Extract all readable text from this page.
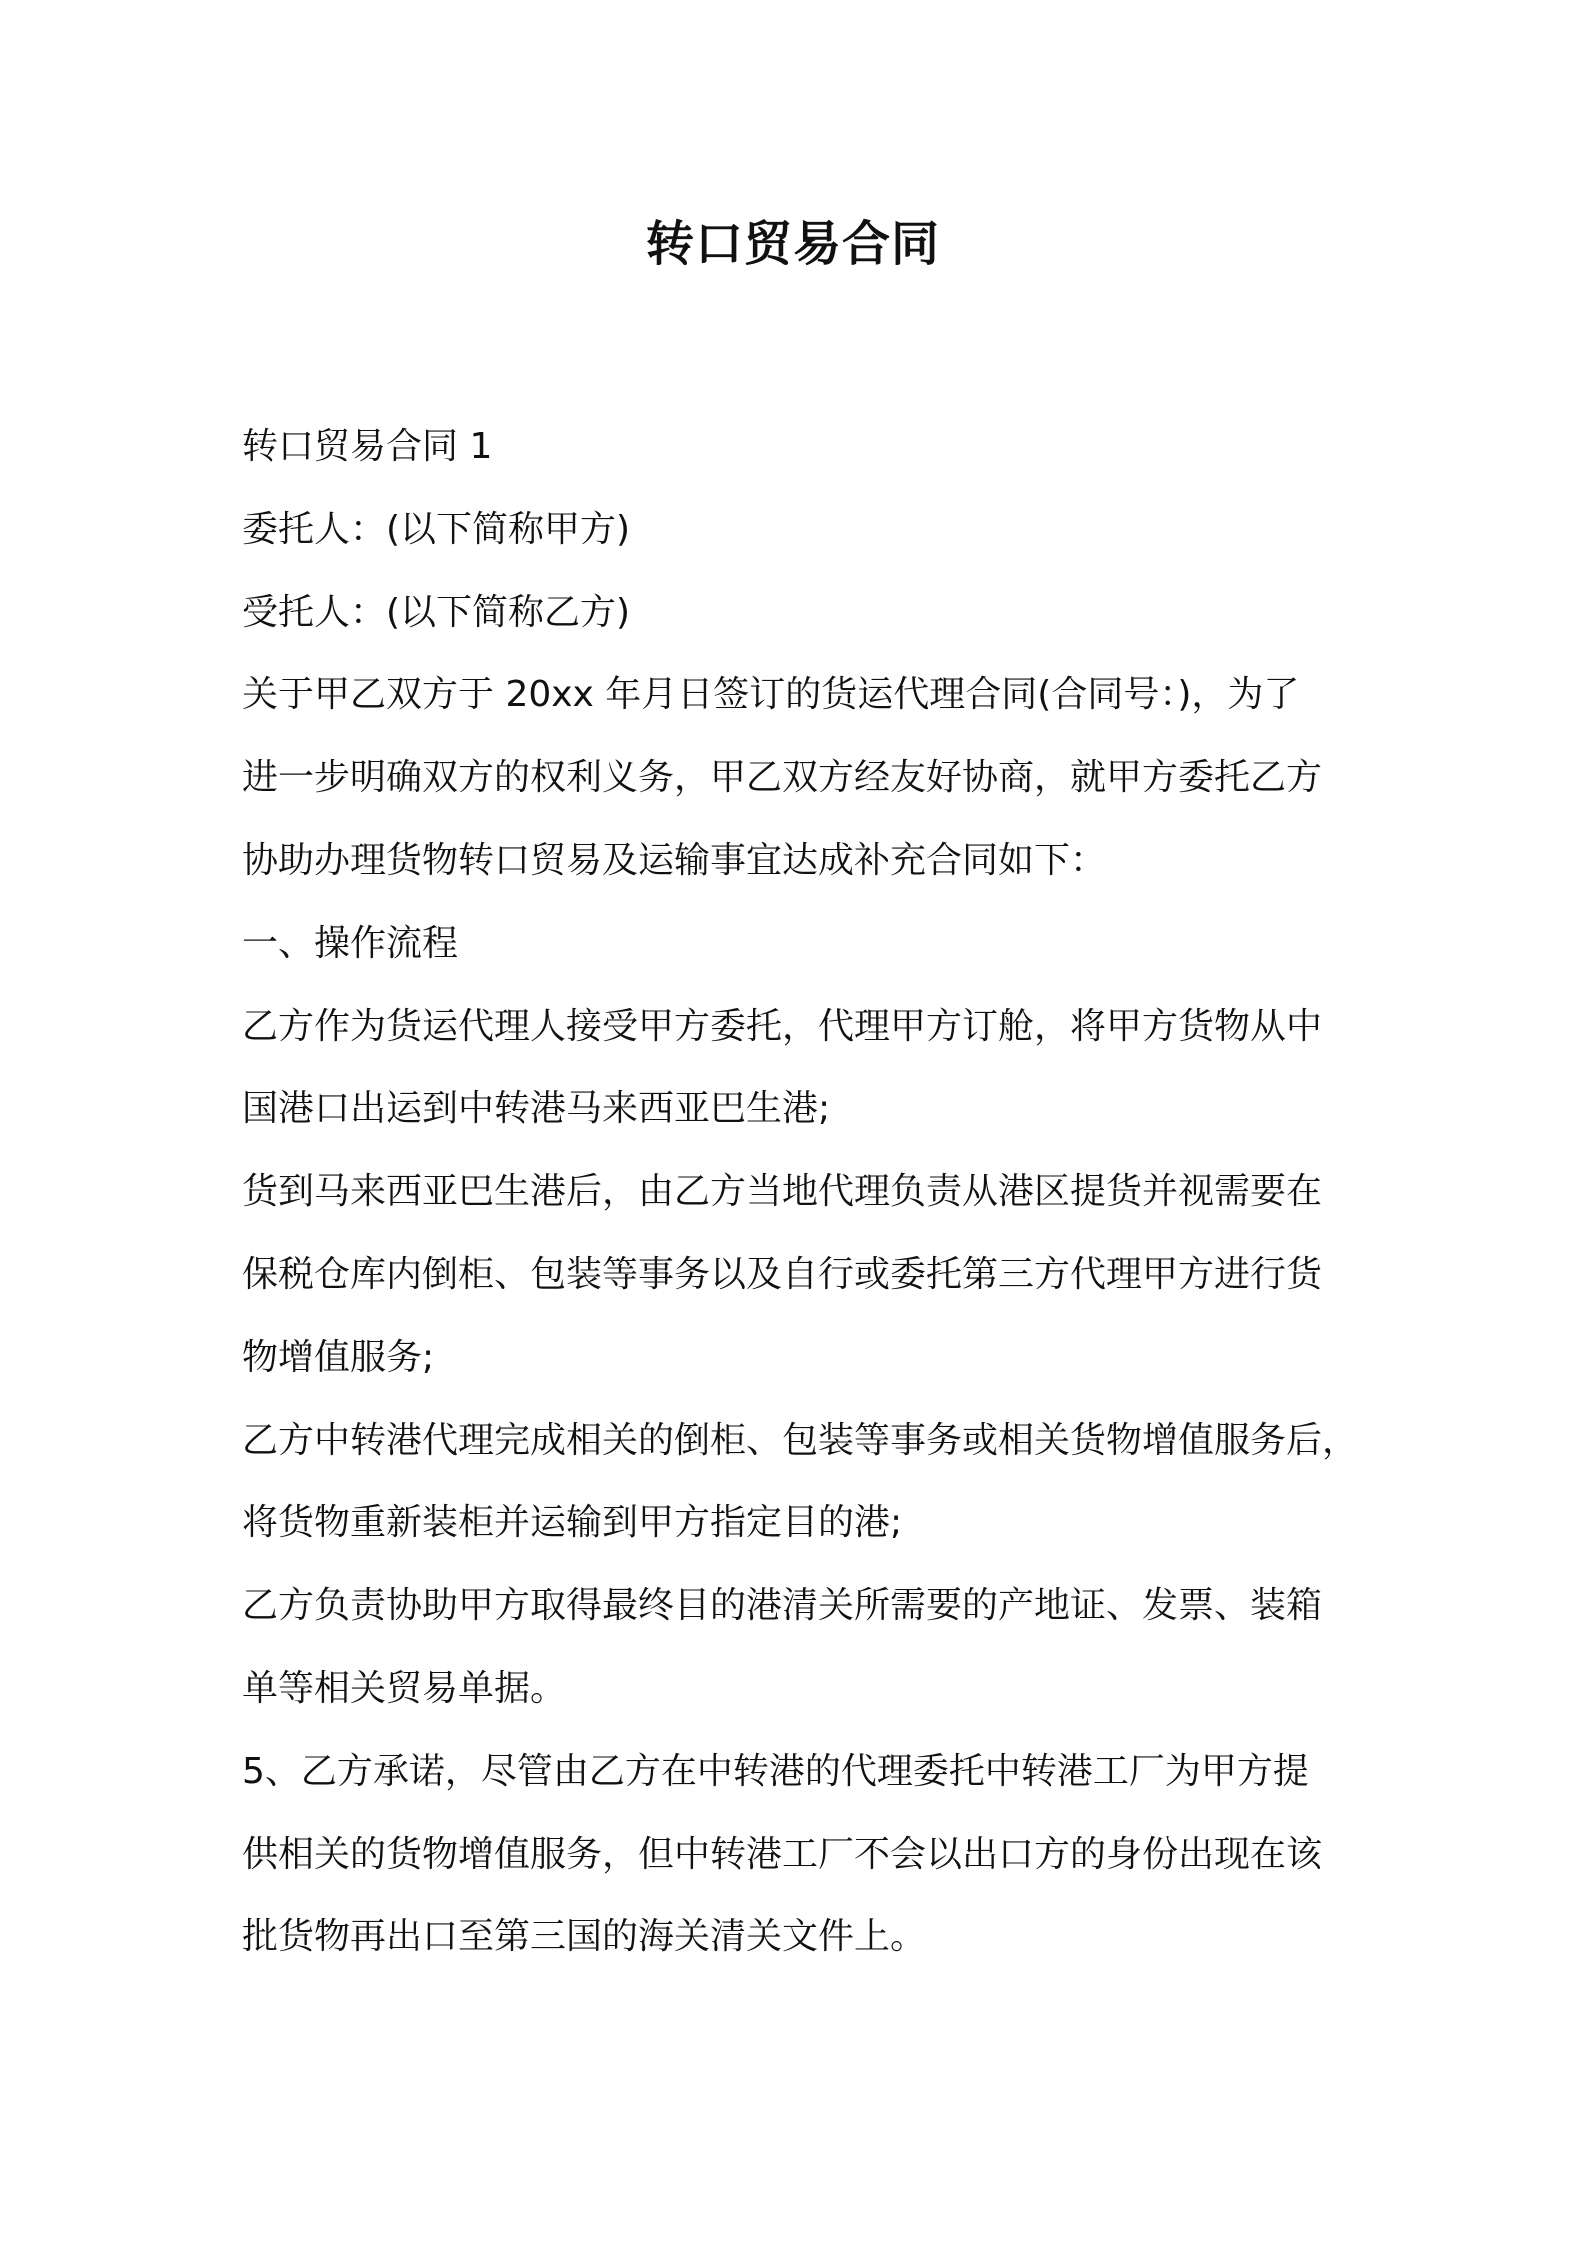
转口贸易合同
转口贸易合同 1
委托人：(以下简称甲方)
受托人：(以下简称乙方)
关于甲乙双方于 20xx 年月日签订的货运代理合同(合同号：)，为了
进一步明确双方的权利义务，甲乙双方经友好协商，就甲方委托乙方
协助办理货物转口贸易及运输事宜达成补充合同如下：
一、操作流程
乙方作为货运代理人接受甲方委托，代理甲方订舱，将甲方货物从中
国港口出运到中转港马来西亚巴生港;
货到马来西亚巴生港后，由乙方当地代理负责从港区提货并视需要在
保税仓库内倒柜、包装等事务以及自行或委托第三方代理甲方进行货
物增值服务;
乙方中转港代理完成相关的倒柜、包装等事务或相关货物增值服务后，
将货物重新装柜并运输到甲方指定目的港;
乙方负责协助甲方取得最终目的港清关所需要的产地证、发票、装箱
单等相关贸易单据。
5、乙方承诺，尽管由乙方在中转港的代理委托中转港工厂为甲方提
供相关的货物增值服务，但中转港工厂不会以出口方的身份出现在该
批货物再出口至第三国的海关清关文件上。
